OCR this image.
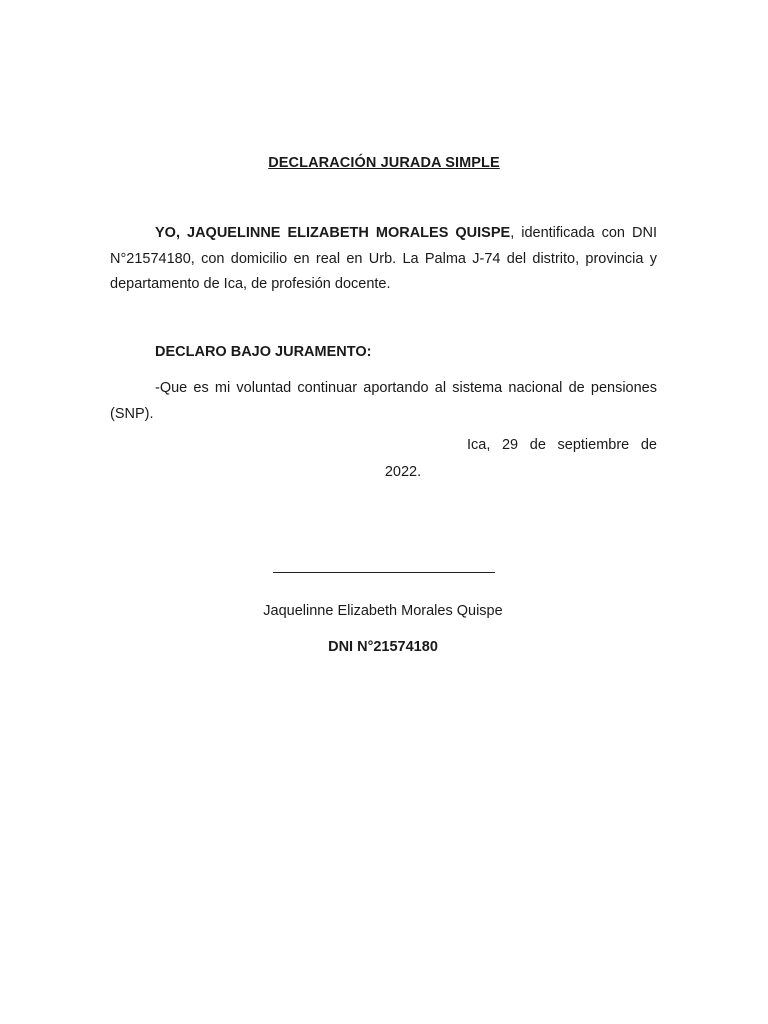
DECLARACIÓN JURADA SIMPLE

YO, JAQUELINNE ELIZABETH MORALES QUISPE, identificada con DNI N°21574180, con domicilio en real en Urb. La Palma J-74 del distrito, provincia y departamento de Ica, de profesión docente.

DECLARO BAJO JURAMENTO:

-Que es mi voluntad continuar aportando al sistema nacional de pensiones (SNP).

Ica, 29 de septiembre de
2022.
Jaquelinne Elizabeth Morales Quispe
DNI N°21574180
